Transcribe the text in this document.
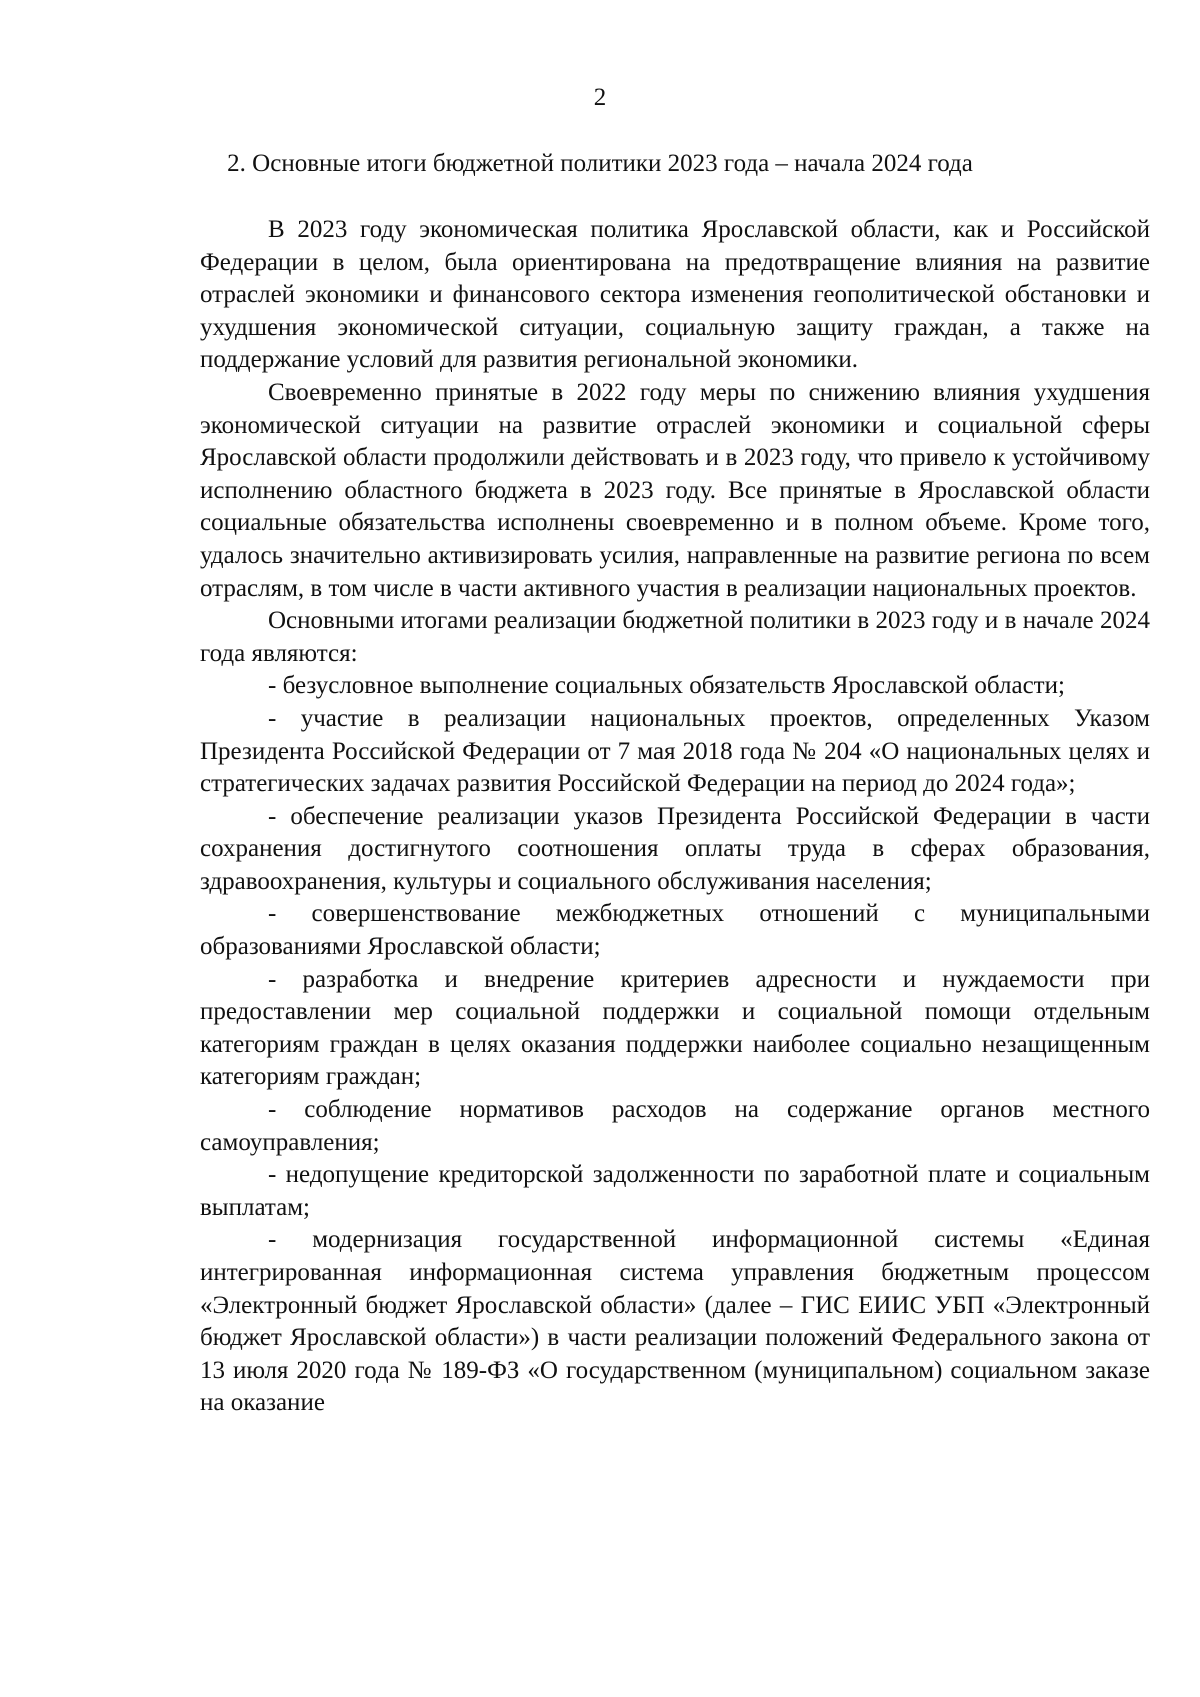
2
2. Основные итоги бюджетной политики 2023 года – начала 2024 года

В 2023 году экономическая политика Ярославской области, как и Российской Федерации в целом, была ориентирована на предотвращение влияния на развитие отраслей экономики и финансового сектора изменения геополитической обстановки и ухудшения экономической ситуации, социальную защиту граждан, а также на поддержание условий для развития региональной экономики.

Своевременно принятые в 2022 году меры по снижению влияния ухудшения экономической ситуации на развитие отраслей экономики и социальной сферы Ярославской области продолжили действовать и в 2023 году, что привело к устойчивому исполнению областного бюджета в 2023 году. Все принятые в Ярославской области социальные обязательства исполнены своевременно и в полном объеме. Кроме того, удалось значительно активизировать усилия, направленные на развитие региона по всем отраслям, в том числе в части активного участия в реализации национальных проектов.

Основными итогами реализации бюджетной политики в 2023 году и в начале 2024 года являются:

- безусловное выполнение социальных обязательств Ярославской области;

- участие в реализации национальных проектов, определенных Указом Президента Российской Федерации от 7 мая 2018 года № 204 «О национальных целях и стратегических задачах развития Российской Федерации на период до 2024 года»;

- обеспечение реализации указов Президента Российской Федерации в части сохранения достигнутого соотношения оплаты труда в сферах образования, здравоохранения, культуры и социального обслуживания населения;

- совершенствование межбюджетных отношений с муниципальными образованиями Ярославской области;

- разработка и внедрение критериев адресности и нуждаемости при предоставлении мер социальной поддержки и социальной помощи отдельным категориям граждан в целях оказания поддержки наиболее социально незащищенным категориям граждан;

- соблюдение нормативов расходов на содержание органов местного самоуправления;

- недопущение кредиторской задолженности по заработной плате и социальным выплатам;

- модернизация государственной информационной системы «Единая интегрированная информационная система управления бюджетным процессом «Электронный бюджет Ярославской области» (далее – ГИС ЕИИС УБП «Электронный бюджет Ярославской области») в части реализации положений Федерального закона от 13 июля 2020 года № 189-ФЗ «О государственном (муниципальном) социальном заказе на оказание
